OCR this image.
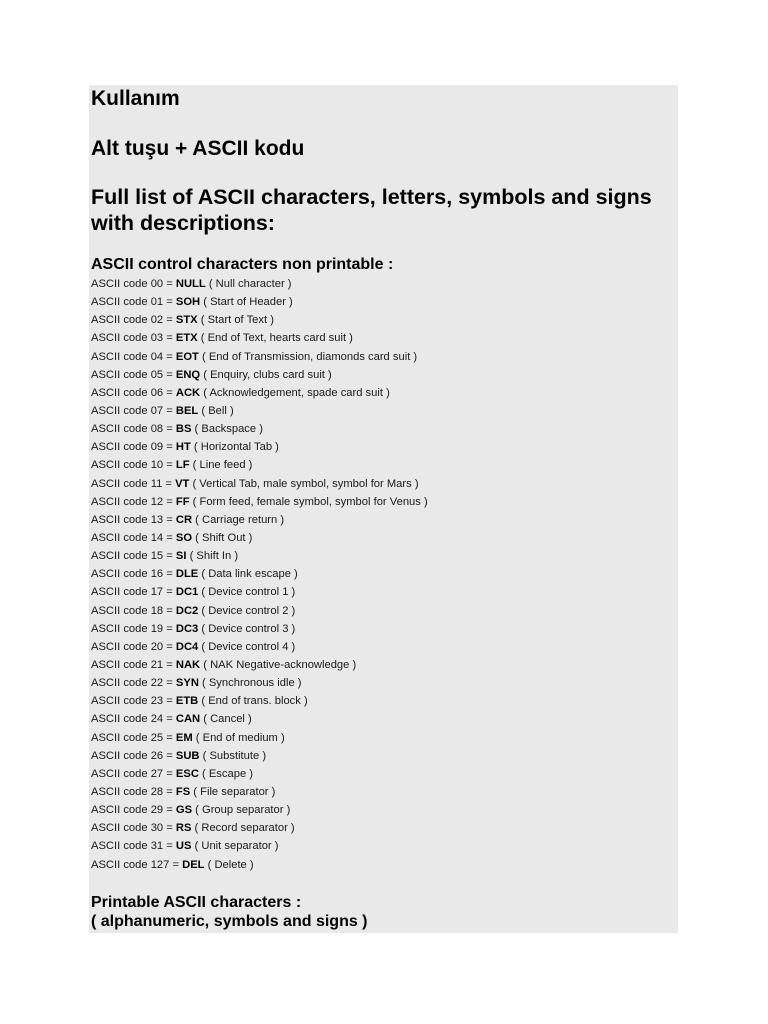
Kullanım
Alt tuşu + ASCII kodu
Full list of ASCII characters, letters, symbols and signs with descriptions:
ASCII control characters non printable :
ASCII code 00 = NULL ( Null character )
ASCII code 01 = SOH ( Start of Header )
ASCII code 02 = STX ( Start of Text )
ASCII code 03 = ETX ( End of Text, hearts card suit )
ASCII code 04 = EOT ( End of Transmission, diamonds card suit )
ASCII code 05 = ENQ ( Enquiry, clubs card suit )
ASCII code 06 = ACK ( Acknowledgement, spade card suit )
ASCII code 07 = BEL ( Bell )
ASCII code 08 = BS ( Backspace )
ASCII code 09 = HT ( Horizontal Tab )
ASCII code 10 = LF ( Line feed )
ASCII code 11 = VT ( Vertical Tab, male symbol, symbol for Mars )
ASCII code 12 = FF ( Form feed, female symbol, symbol for Venus )
ASCII code 13 = CR ( Carriage return )
ASCII code 14 = SO ( Shift Out )
ASCII code 15 = SI ( Shift In )
ASCII code 16 = DLE ( Data link escape )
ASCII code 17 = DC1 ( Device control 1 )
ASCII code 18 = DC2 ( Device control 2 )
ASCII code 19 = DC3 ( Device control 3 )
ASCII code 20 = DC4 ( Device control 4 )
ASCII code 21 = NAK ( NAK Negative-acknowledge )
ASCII code 22 = SYN ( Synchronous idle )
ASCII code 23 = ETB ( End of trans. block )
ASCII code 24 = CAN ( Cancel )
ASCII code 25 = EM ( End of medium )
ASCII code 26 = SUB ( Substitute )
ASCII code 27 = ESC ( Escape )
ASCII code 28 = FS ( File separator )
ASCII code 29 = GS ( Group separator )
ASCII code 30 = RS ( Record separator )
ASCII code 31 = US ( Unit separator )
ASCII code 127 = DEL ( Delete )
Printable ASCII characters :
( alphanumeric, symbols and signs )
